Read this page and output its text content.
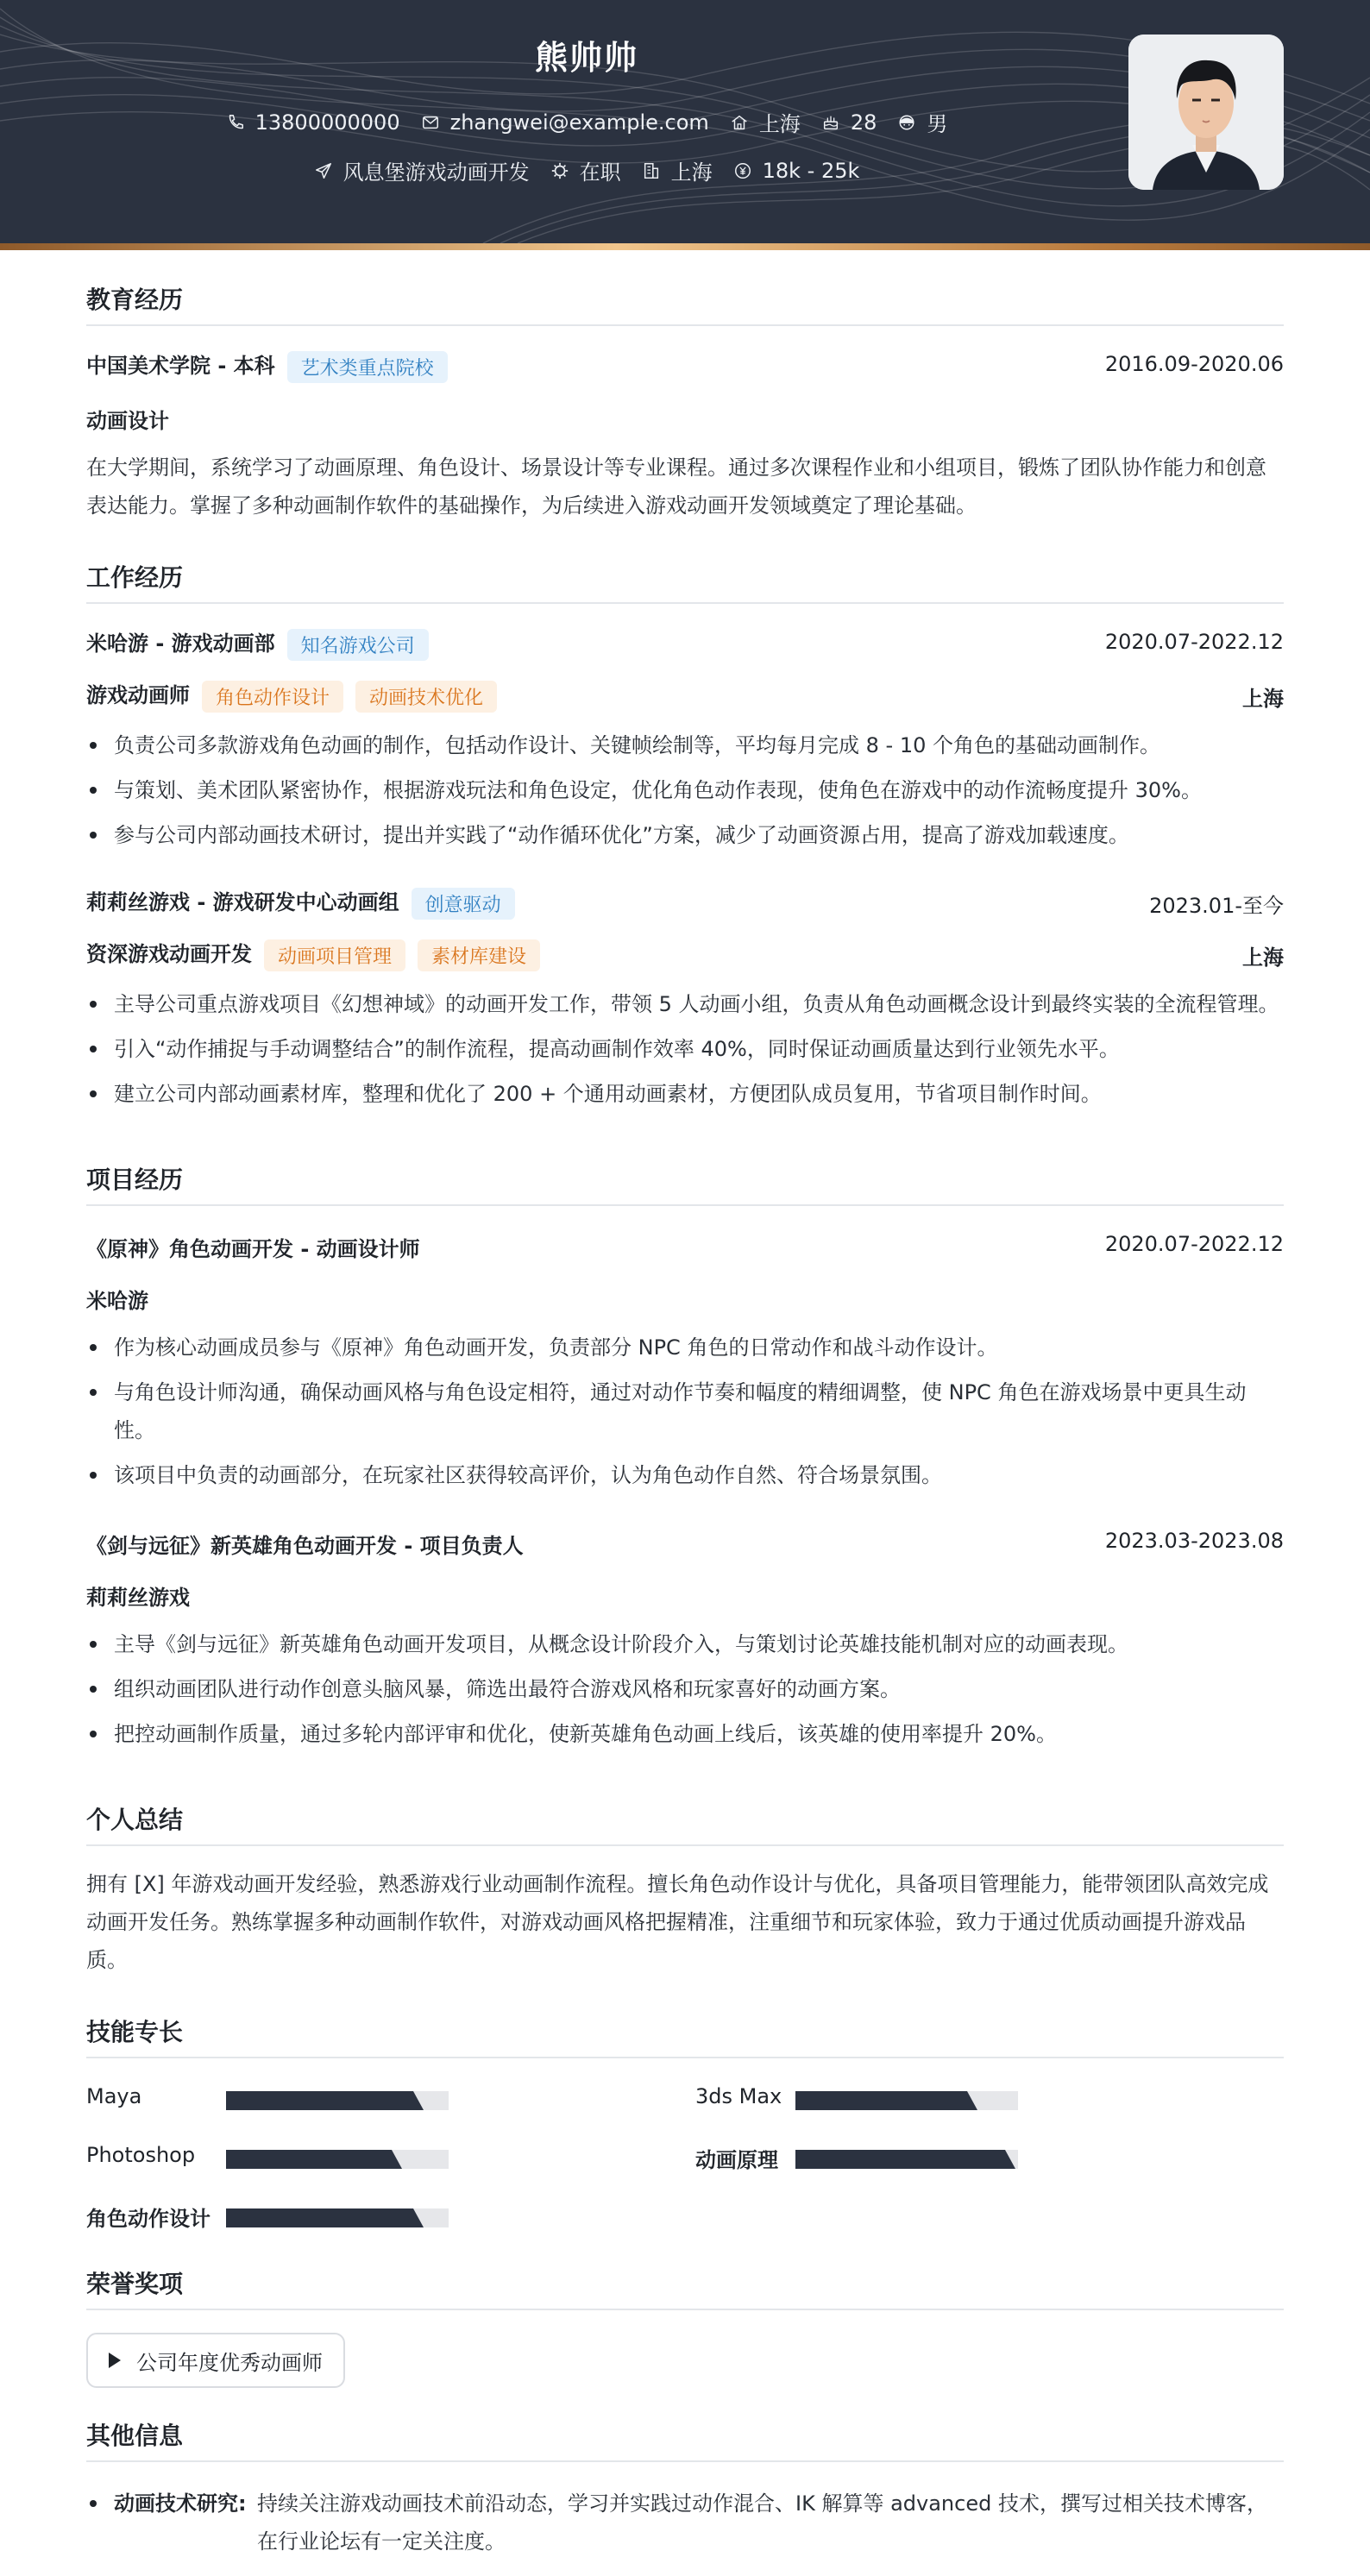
熊帅帅
13800000000 zhangwei@example.com 上海 28 男
风息堡游戏动画开发 在职 上海 18k - 25k
教育经历
中国美术学院 - 本科 艺术类重点院校	2016.09-2020.06
动画设计
在大学期间，系统学习了动画原理、角色设计、场景设计等专业课程。通过多次课程作业和小组项目，锻炼了团队协作能力和创意表达能力。掌握了多种动画制作软件的基础操作，为后续进入游戏动画开发领域奠定了理论基础。
工作经历
米哈游 - 游戏动画部 知名游戏公司	2020.07-2022.12
游戏动画师 角色动作设计 动画技术优化	上海
负责公司多款游戏角色动画的制作，包括动作设计、关键帧绘制等，平均每月完成 8 - 10 个角色的基础动画制作。
与策划、美术团队紧密协作，根据游戏玩法和角色设定，优化角色动作表现，使角色在游戏中的动作流畅度提升 30%。
参与公司内部动画技术研讨，提出并实践了“动作循环优化”方案，减少了动画资源占用，提高了游戏加载速度。
莉莉丝游戏 - 游戏研发中心动画组 创意驱动	2023.01-至今
资深游戏动画开发 动画项目管理 素材库建设	上海
主导公司重点游戏项目《幻想神域》的动画开发工作，带领 5 人动画小组，负责从角色动画概念设计到最终实装的全流程管理。
引入“动作捕捉与手动调整结合”的制作流程，提高动画制作效率 40%，同时保证动画质量达到行业领先水平。
建立公司内部动画素材库，整理和优化了 200 + 个通用动画素材，方便团队成员复用，节省项目制作时间。
项目经历
《原神》角色动画开发 - 动画设计师	2020.07-2022.12
米哈游
作为核心动画成员参与《原神》角色动画开发，负责部分 NPC 角色的日常动作和战斗动作设计。
与角色设计师沟通，确保动画风格与角色设定相符，通过对动作节奏和幅度的精细调整，使 NPC 角色在游戏场景中更具生动性。
该项目中负责的动画部分，在玩家社区获得较高评价，认为角色动作自然、符合场景氛围。
《剑与远征》新英雄角色动画开发 - 项目负责人	2023.03-2023.08
莉莉丝游戏
主导《剑与远征》新英雄角色动画开发项目，从概念设计阶段介入，与策划讨论英雄技能机制对应的动画表现。
组织动画团队进行动作创意头脑风暴，筛选出最符合游戏风格和玩家喜好的动画方案。
把控动画制作质量，通过多轮内部评审和优化，使新英雄角色动画上线后，该英雄的使用率提升 20%。
个人总结
拥有 [X] 年游戏动画开发经验，熟悉游戏行业动画制作流程。擅长角色动作设计与优化，具备项目管理能力，能带领团队高效完成动画开发任务。熟练掌握多种动画制作软件，对游戏动画风格把握精准，注重细节和玩家体验，致力于通过优质动画提升游戏品质。
技能专长
Maya	3ds Max
Photoshop	动画原理
角色动作设计
荣誉奖项
公司年度优秀动画师
其他信息
动画技术研究: 持续关注游戏动画技术前沿动态，学习并实践过动作混合、IK 解算等 advanced 技术，撰写过相关技术博客，在行业论坛有一定关注度。
